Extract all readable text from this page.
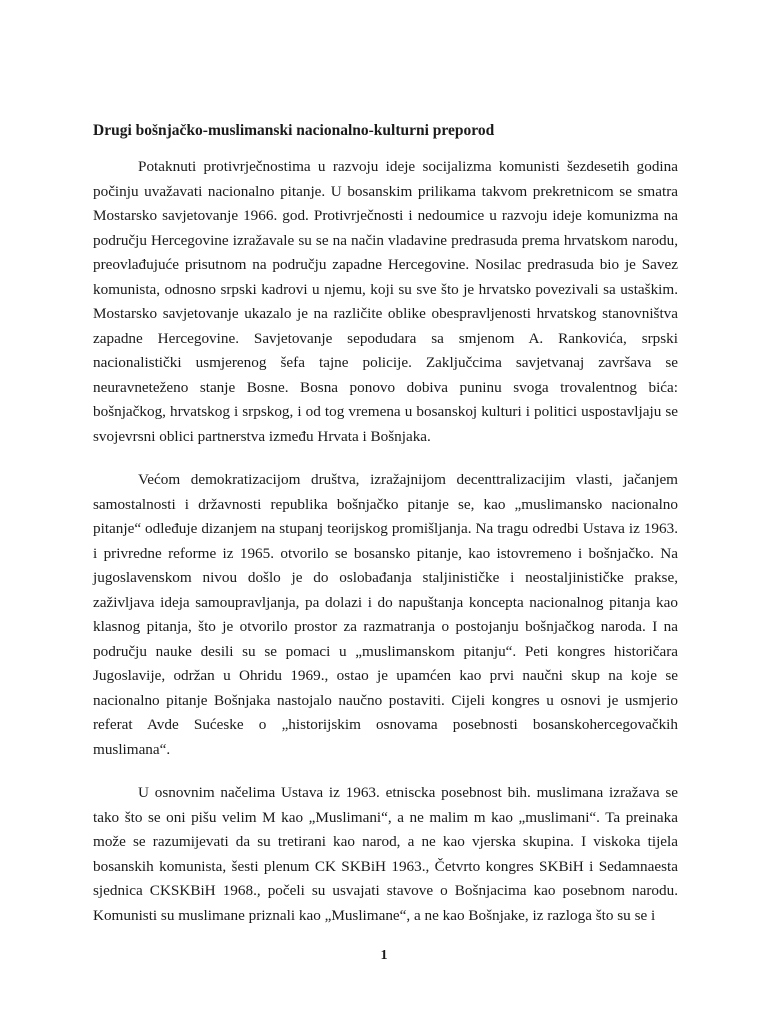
Drugi bošnjačko-muslimanski nacionalno-kulturni preporod

Potaknuti protivrječnostima u razvoju ideje socijalizma komunisti šezdesetih godina počinju uvažavati nacionalno pitanje. U bosanskim prilikama takvom prekretnicom se smatra Mostarsko savjetovanje 1966. god. Protivrječnosti i nedoumice u razvoju ideje komunizma na području Hercegovine izražavale su se na način vladavine predrasuda prema hrvatskom narodu, preovlađujuće prisutnom na području zapadne Hercegovine. Nosilac predrasuda bio je Savez komunista, odnosno srpski kadrovi u njemu, koji su sve što je hrvatsko povezivali sa ustaškim. Mostarsko savjetovanje ukazalo je na različite oblike obespravljenosti hrvatskog stanovništva zapadne Hercegovine. Savjetovanje sepodudara sa smjenom A. Rankovića, srpski nacionalistički usmjerenog šefa tajne policije. Zaključcima savjetvanaj završava se neuravneteženo stanje Bosne. Bosna ponovo dobiva puninu svoga trovalentnog bića: bošnjačkog, hrvatskog i srpskog, i od tog vremena u bosanskoj kulturi i politici uspostavljaju se svojevrsni oblici partnerstva između Hrvata i Bošnjaka.

Većom demokratizacijom društva, izražajnijom decenttralizacijim vlasti, jačanjem samostalnosti i državnosti republika bošnjačko pitanje se, kao „muslimansko nacionalno pitanje“ odleđuje dizanjem na stupanj teorijskog promišljanja. Na tragu odredbi Ustava iz 1963. i privredne reforme iz 1965. otvorilo se bosansko pitanje, kao istovremeno i bošnjačko. Na jugoslavenskom nivou došlo je do oslobađanja staljinističke i neostaljinističke prakse, zaživljava ideja samoupravljanja, pa dolazi i do napuštanja koncepta nacionalnog pitanja kao klasnog pitanja, što je otvorilo prostor za razmatranja o postojanju bošnjačkog naroda. I na području nauke desili su se pomaci u „muslimanskom pitanju“. Peti kongres historičara Jugoslavije, održan u Ohridu 1969., ostao je upamćen kao prvi naučni skup na koje se nacionalno pitanje Bošnjaka nastojalo naučno postaviti. Cijeli kongres u osnovi je usmjerio referat Avde Sućeske o „historijskim osnovama posebnosti bosanskohercegovačkih muslimana“.

U osnovnim načelima Ustava iz 1963. etniscka posebnost bih. muslimana izražava se tako što se oni pišu velim M kao „Muslimani“, a ne malim m kao „muslimani“. Ta preinaka može se razumijevati da su tretirani kao narod, a ne kao vjerska skupina. I viskoka tijela bosanskih komunista, šesti plenum CK SKBiH 1963., Četvrto kongres SKBiH i Sedamnaesta sjednica CKSKBiH 1968., počeli su usvajati stavove o Bošnjacima kao posebnom narodu. Komunisti su muslimane priznali kao „Muslimane“, a ne kao Bošnjake, iz razloga što su se i

1
